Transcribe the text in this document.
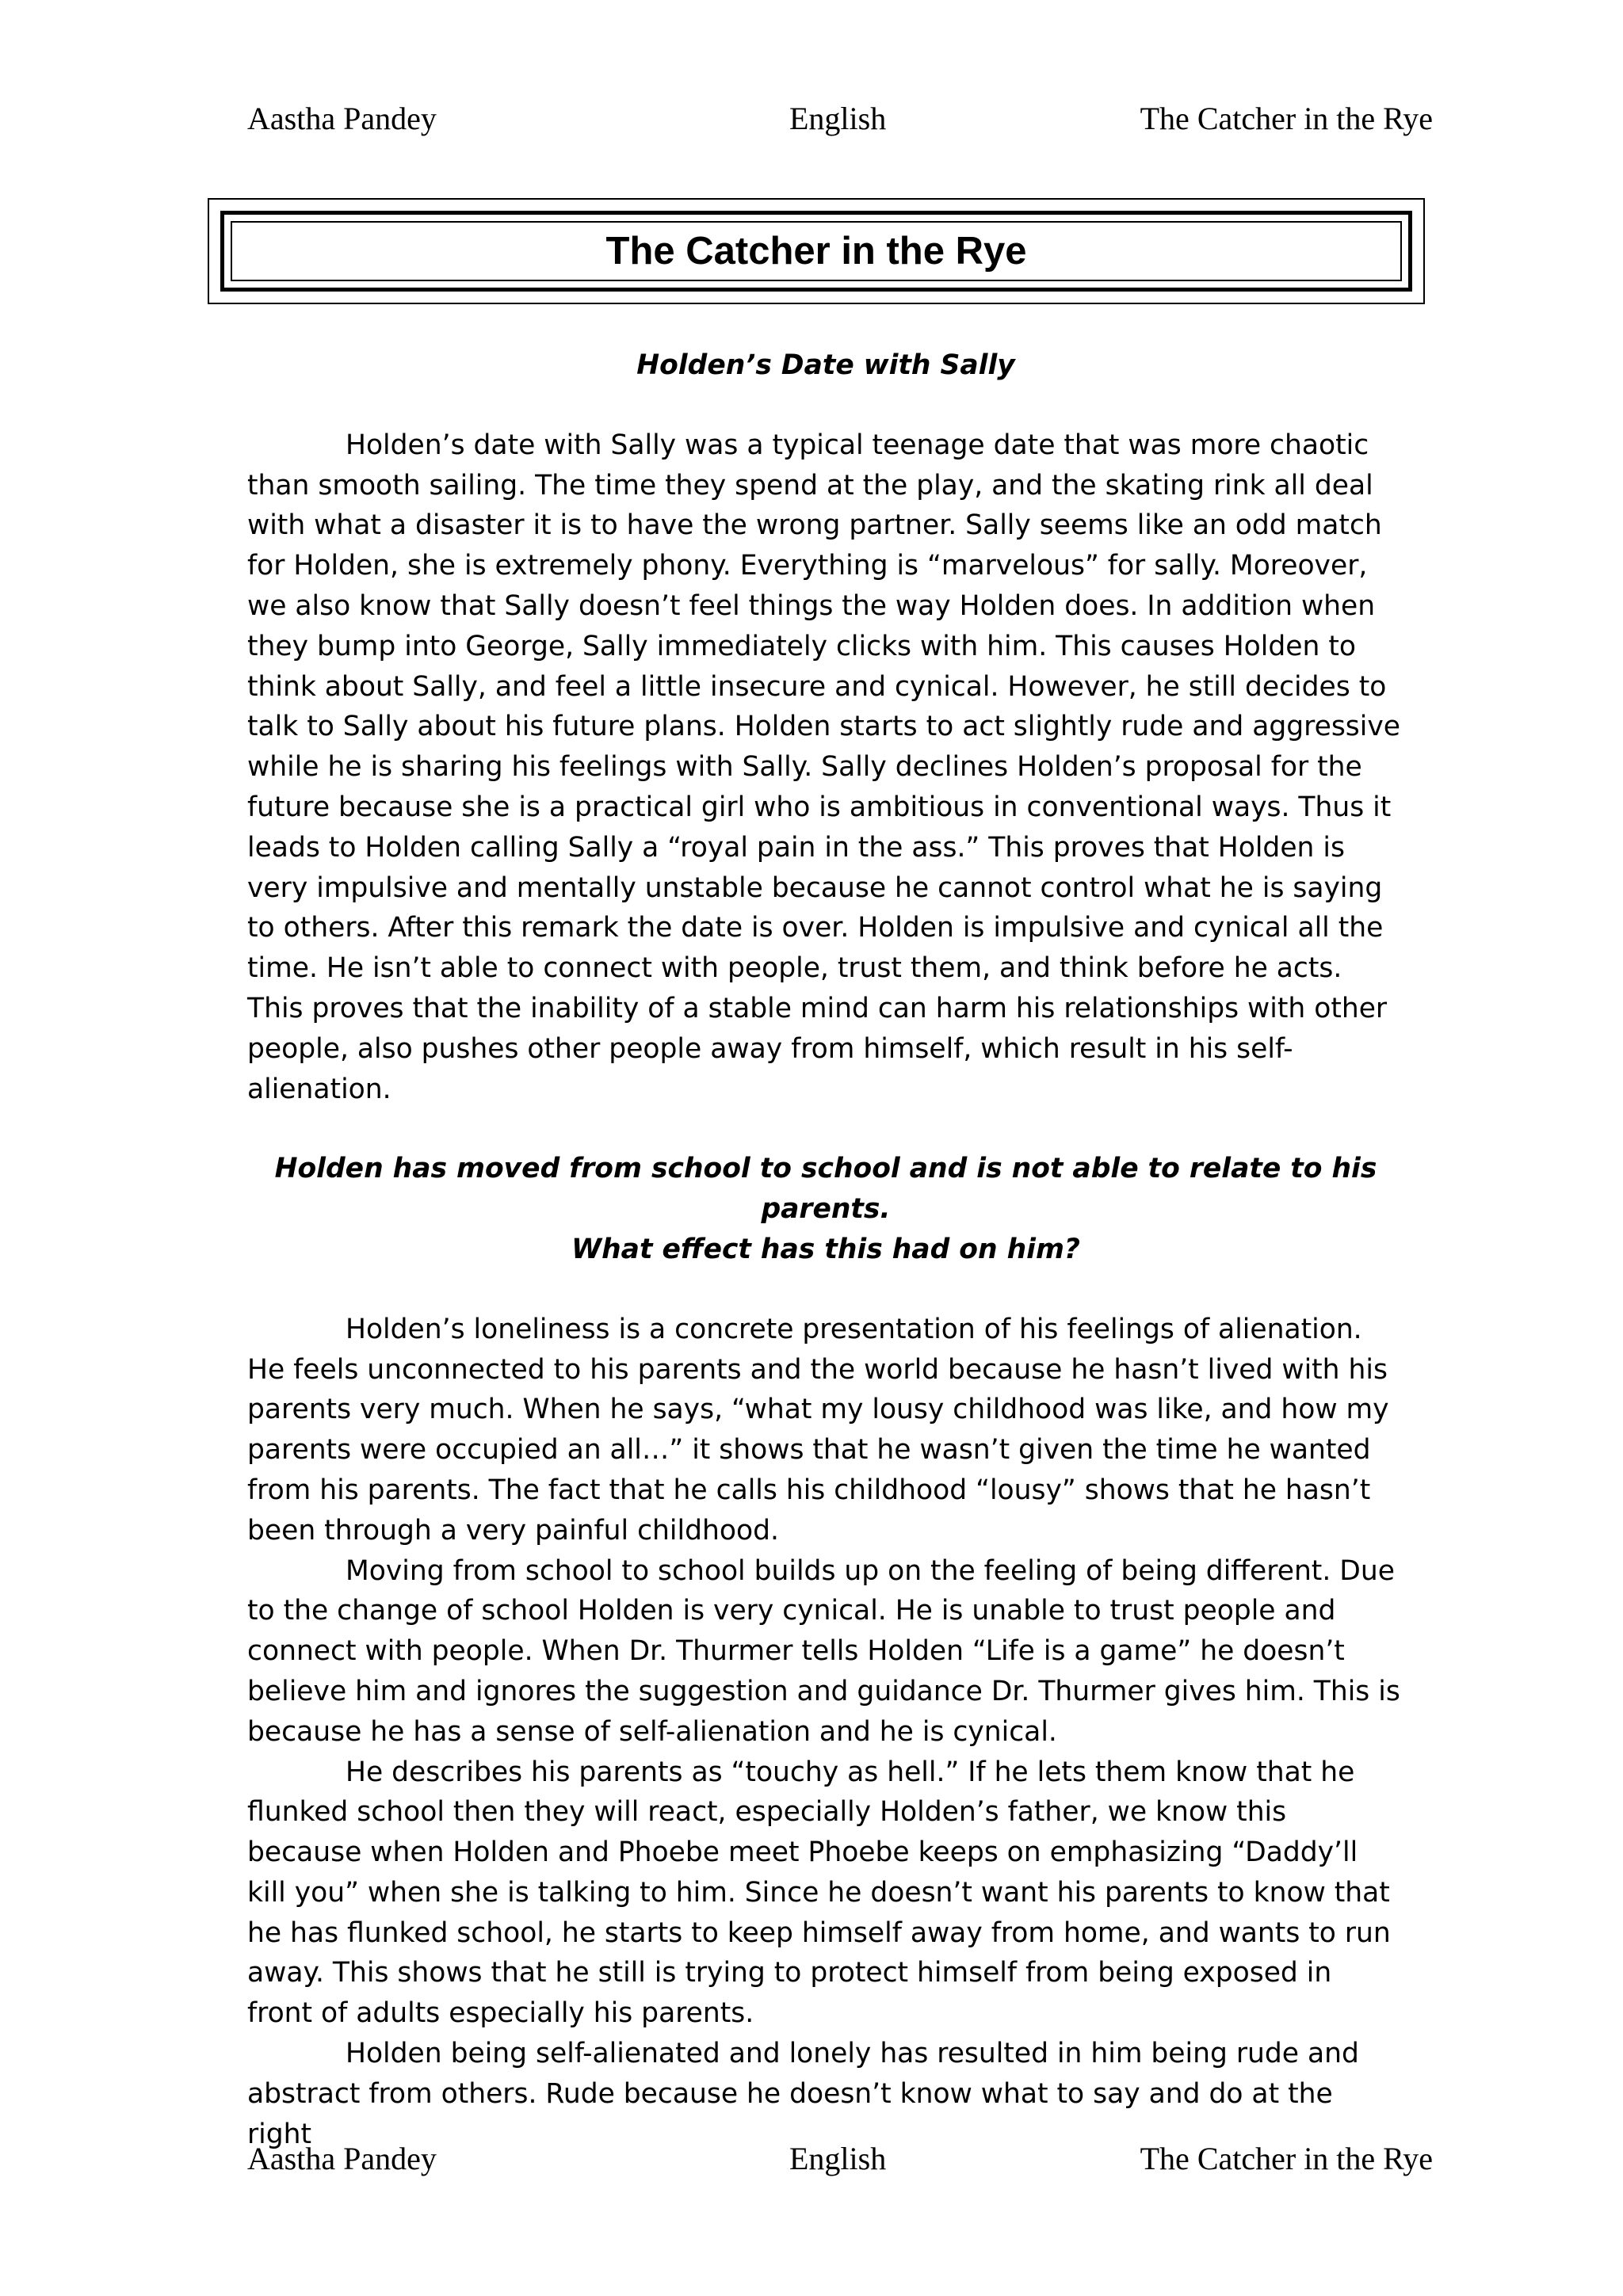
Aastha Pandey	English	The Catcher in the Rye
The Catcher in the Rye

Holden’s Date with Sally

Holden’s date with Sally was a typical teenage date that was more chaotic than smooth sailing. The time they spend at the play, and the skating rink all deal with what a disaster it is to have the wrong partner. Sally seems like an odd match for Holden, she is extremely phony. Everything is “marvelous” for sally. Moreover, we also know that Sally doesn’t feel things the way Holden does. In addition when they bump into George, Sally immediately clicks with him. This causes Holden to think about Sally, and feel a little insecure and cynical. However, he still decides to talk to Sally about his future plans. Holden starts to act slightly rude and aggressive while he is sharing his feelings with Sally. Sally declines Holden’s proposal for the future because she is a practical girl who is ambitious in conventional ways. Thus it leads to Holden calling Sally a “royal pain in the ass.” This proves that Holden is very impulsive and mentally unstable because he cannot control what he is saying to others. After this remark the date is over. Holden is impulsive and cynical all the time. He isn’t able to connect with people, trust them, and think before he acts. This proves that the inability of a stable mind can harm his relationships with other people, also pushes other people away from himself, which result in his self-alienation.

Holden has moved from school to school and is not able to relate to his parents.
What effect has this had on him?

Holden’s loneliness is a concrete presentation of his feelings of alienation. He feels unconnected to his parents and the world because he hasn’t lived with his parents very much. When he says, “what my lousy childhood was like, and how my parents were occupied an all…” it shows that he wasn’t given the time he wanted from his parents. The fact that he calls his childhood “lousy” shows that he hasn’t been through a very painful childhood.

Moving from school to school builds up on the feeling of being different. Due to the change of school Holden is very cynical. He is unable to trust people and connect with people. When Dr. Thurmer tells Holden “Life is a game” he doesn’t believe him and ignores the suggestion and guidance Dr. Thurmer gives him. This is because he has a sense of self-alienation and he is cynical.

He describes his parents as “touchy as hell.” If he lets them know that he flunked school then they will react, especially Holden’s father, we know this because when Holden and Phoebe meet Phoebe keeps on emphasizing “Daddy’ll kill you” when she is talking to him. Since he doesn’t want his parents to know that he has flunked school, he starts to keep himself away from home, and wants to run away. This shows that he still is trying to protect himself from being exposed in front of adults especially his parents.

Holden being self-alienated and lonely has resulted in him being rude and abstract from others. Rude because he doesn’t know what to say and do at the right

Aastha Pandey	English	The Catcher in the Rye
